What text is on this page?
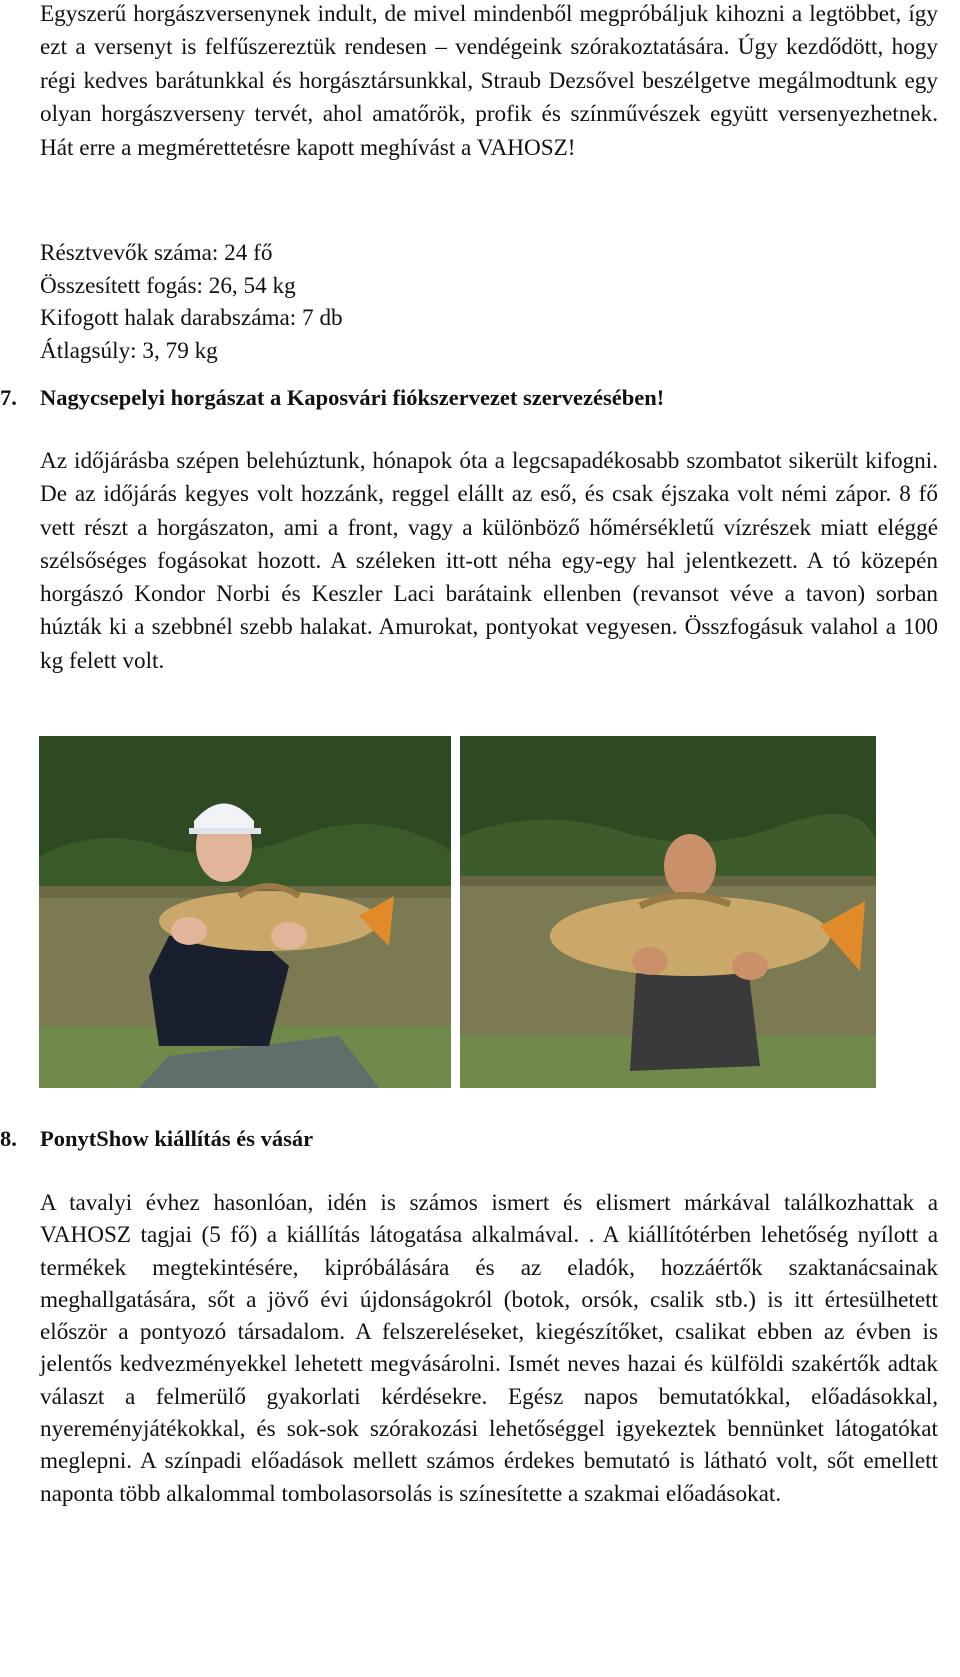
Egyszerű horgászversenynek indult, de mivel mindenből megpróbáljuk kihozni a legtöbbet, így ezt a versenyt is felfűszereztük rendesen – vendégeink szórakoztatására. Úgy kezdődött, hogy régi kedves barátunkkal és horgásztársunkkal, Straub Dezsővel beszélgetve megálmodtunk egy olyan horgászverseny tervét, ahol amatőrök, profik és színművészek együtt versenyezhetnek. Hát erre a megmérettetésre kapott meghívást a VAHOSZ!

Résztvevők száma: 24 fő
Összesített fogás: 26, 54 kg
Kifogott halak darabszáma: 7 db
Átlagsúly: 3, 79 kg
7. Nagycsepelyi horgászat a Kaposvári fiókszervezet szervezésében!

Az időjárásba szépen belehúztunk, hónapok óta a legcsapadékosabb szombatot sikerült kifogni. De az időjárás kegyes volt hozzánk, reggel elállt az eső, és csak éjszaka volt némi zápor. 8 fő vett részt a horgászaton, ami a front, vagy a különböző hőmérsékletű vízrészek miatt eléggé szélsőséges fogásokat hozott. A széleken itt-ott néha egy-egy hal jelentkezett. A tó közepén horgászó Kondor Norbi és Keszler Laci barátaink ellenben (revansot véve a tavon) sorban húzták ki a szebbnél szebb halakat. Amurokat, pontyokat vegyesen. Összfogásuk valahol a 100 kg felett volt.

8. PonytShow kiállítás és vásár

A tavalyi évhez hasonlóan, idén is számos ismert és elismert márkával találkozhattak a VAHOSZ tagjai (5 fő) a kiállítás látogatása alkalmával. . A kiállítótérben lehetőség nyílott a termékek megtekintésére, kipróbálására és az eladók, hozzáértők szaktanácsainak meghallgatására, sőt a jövő évi újdonságokról (botok, orsók, csalik stb.) is itt értesülhetett először a pontyozó társadalom. A felszereléseket, kiegészítőket, csalikat ebben az évben is jelentős kedvezményekkel lehetett megvásárolni. Ismét neves hazai és külföldi szakértők adtak választ a felmerülő gyakorlati kérdésekre. Egész napos bemutatókkal, előadásokkal, nyereményjátékokkal, és sok-sok szórakozási lehetőséggel igyekeztek bennünket látogatókat meglepni. A színpadi előadások mellett számos érdekes bemutató is látható volt, sőt emellett naponta több alkalommal tombolasorsolás is színesítette a szakmai előadásokat.
